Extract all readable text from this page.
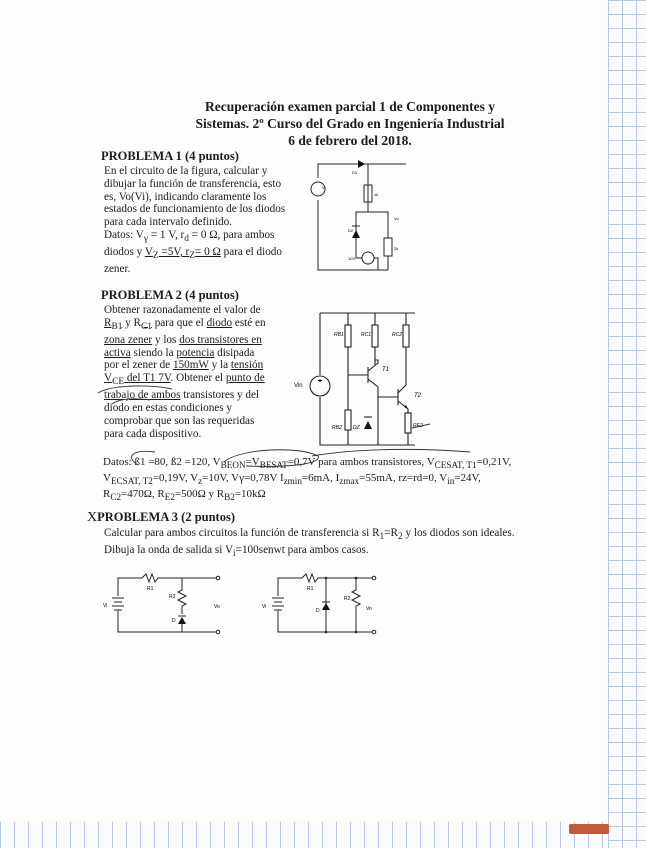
Recuperación examen parcial 1 de Componentes y
Sistemas. 2º Curso del Grado en Ingeniería Industrial
6 de febrero del 2018.
PROBLEMA 1 (4 puntos)
En el circuito de la figura, calcular y
dibujar la función de transferencia, esto
es, Vo(Vi), indicando claramente los
estados de funcionamiento de los diodos
para cada intervalo definido.
Datos: $V_\gamma = 1$ V, $r_d = 0$ Ω, para ambos
diodos y $V_Z =5V$, $r_Z= 0$ Ω para el diodo
zener.
Vi
D1
D2
Vo
1k
2k
10V
PROBLEMA 2 (4 puntos)
Obtener razonadamente el valor de
$R_{B1}$ y $R_{C1}$ para que el diodo esté en
zona zener y los dos transistores en
activa siendo la potencia disipada
por el zener de 150mW y la tensión
$V_{CE}$ del T1 7V. Obtener el punto de
trabajo de ambos transistores y del
diodo en estas condiciones y
comprobar que son las requeridas
para cada dispositivo.
Vin
RB1	RC1	RC2
T1
T2
RB2 DZ	RE2
Datos: ß1 =80, ß2 =120, $V_{BEON}=V_{BESAT}=0,7V$ para ambos transistores, $V_{CESAT, T1}=0,21V$,
$V_{ECSAT, T2}=0,19V$, $V_z=10V$, Vγ=0,78V $I_{zmin}=6mA$, $I_{zmax}=55mA$, rz=rd=0, $V_{in}=24V$,
$R_{C2}=470\Omega$, $R_{E2}=500\Omega$ y $R_{B2}=10k\Omega$
XPROBLEMA 3 (2 puntos)
Calcular para ambos circuitos la función de transferencia si $R_1=R_2$ y los diodos son ideales.
Dibuja la onda de salida si $V_i=100senwt$ para ambos casos.
R1
R2
D
Vi	Vo
R1
R2
D
Vi	Vo
